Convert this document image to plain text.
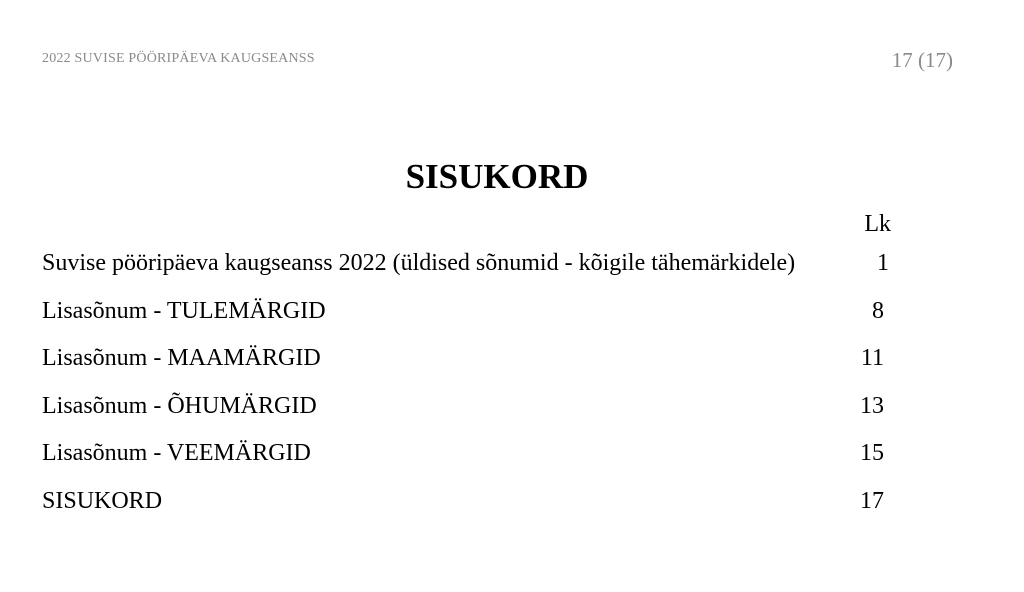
2022 SUVISE PÖÖRIPÄEVA KAUGSEANSS	17 (17)
SISUKORD
Lk
Suvise pööripäeva kaugseanss 2022 (üldised sõnumid - kõigile tähemärkidele)	1
Lisasõnum - TULEMÄRGID	8
Lisasõnum - MAAMÄRGID	11
Lisasõnum - ÕHUMÄRGID	13
Lisasõnum - VEEMÄRGID	15
SISUKORD	17
